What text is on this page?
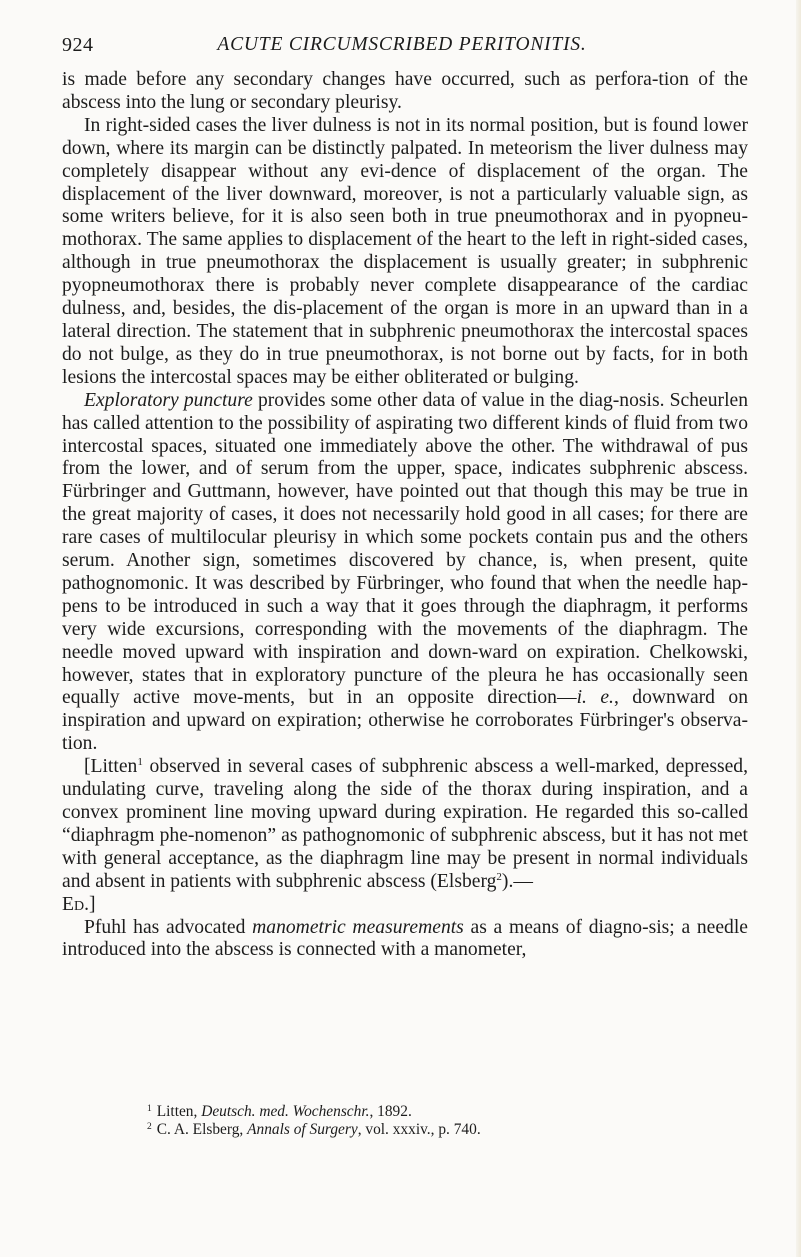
924	ACUTE CIRCUMSCRIBED PERITONITIS.

is made before any secondary changes have occurred, such as perfora-tion of the abscess into the lung or secondary pleurisy.

In right-sided cases the liver dulness is not in its normal position, but is found lower down, where its margin can be distinctly palpated. In meteorism the liver dulness may completely disappear without any evi-dence of displacement of the organ. The displacement of the liver downward, moreover, is not a particularly valuable sign, as some writers believe, for it is also seen both in true pneumothorax and in pyopneu-mothorax. The same applies to displacement of the heart to the left in right-sided cases, although in true pneumothorax the displacement is usually greater; in subphrenic pyopneumothorax there is probably never complete disappearance of the cardiac dulness, and, besides, the dis-placement of the organ is more in an upward than in a lateral direction. The statement that in subphrenic pneumothorax the intercostal spaces do not bulge, as they do in true pneumothorax, is not borne out by facts, for in both lesions the intercostal spaces may be either obliterated or bulging.

Exploratory puncture provides some other data of value in the diag-nosis. Scheurlen has called attention to the possibility of aspirating two different kinds of fluid from two intercostal spaces, situated one immediately above the other. The withdrawal of pus from the lower, and of serum from the upper, space, indicates subphrenic abscess. Fürbringer and Guttmann, however, have pointed out that though this may be true in the great majority of cases, it does not necessarily hold good in all cases; for there are rare cases of multilocular pleurisy in which some pockets contain pus and the others serum. Another sign, sometimes discovered by chance, is, when present, quite pathognomonic. It was described by Fürbringer, who found that when the needle hap-pens to be introduced in such a way that it goes through the diaphragm, it performs very wide excursions, corresponding with the movements of the diaphragm. The needle moved upward with inspiration and down-ward on expiration. Chelkowski, however, states that in exploratory puncture of the pleura he has occasionally seen equally active move-ments, but in an opposite direction—i. e., downward on inspiration and upward on expiration; otherwise he corroborates Fürbringer's observa-tion.

[Litten$^1$ observed in several cases of subphrenic abscess a well-marked, depressed, undulating curve, traveling along the side of the thorax during inspiration, and a convex prominent line moving upward during expiration. He regarded this so-called “diaphragm phe-nomenon” as pathognomonic of subphrenic abscess, but it has not met with general acceptance, as the diaphragm line may be present in normal individuals and absent in patients with subphrenic abscess (Elsberg$^2$).—
Ed.]

Pfuhl has advocated manometric measurements as a means of diagno-sis; a needle introduced into the abscess is connected with a manometer,

$^1$ Litten, Deutsch. med. Wochenschr., 1892.

$^2$ C. A. Elsberg, Annals of Surgery, vol. xxxiv., p. 740.
